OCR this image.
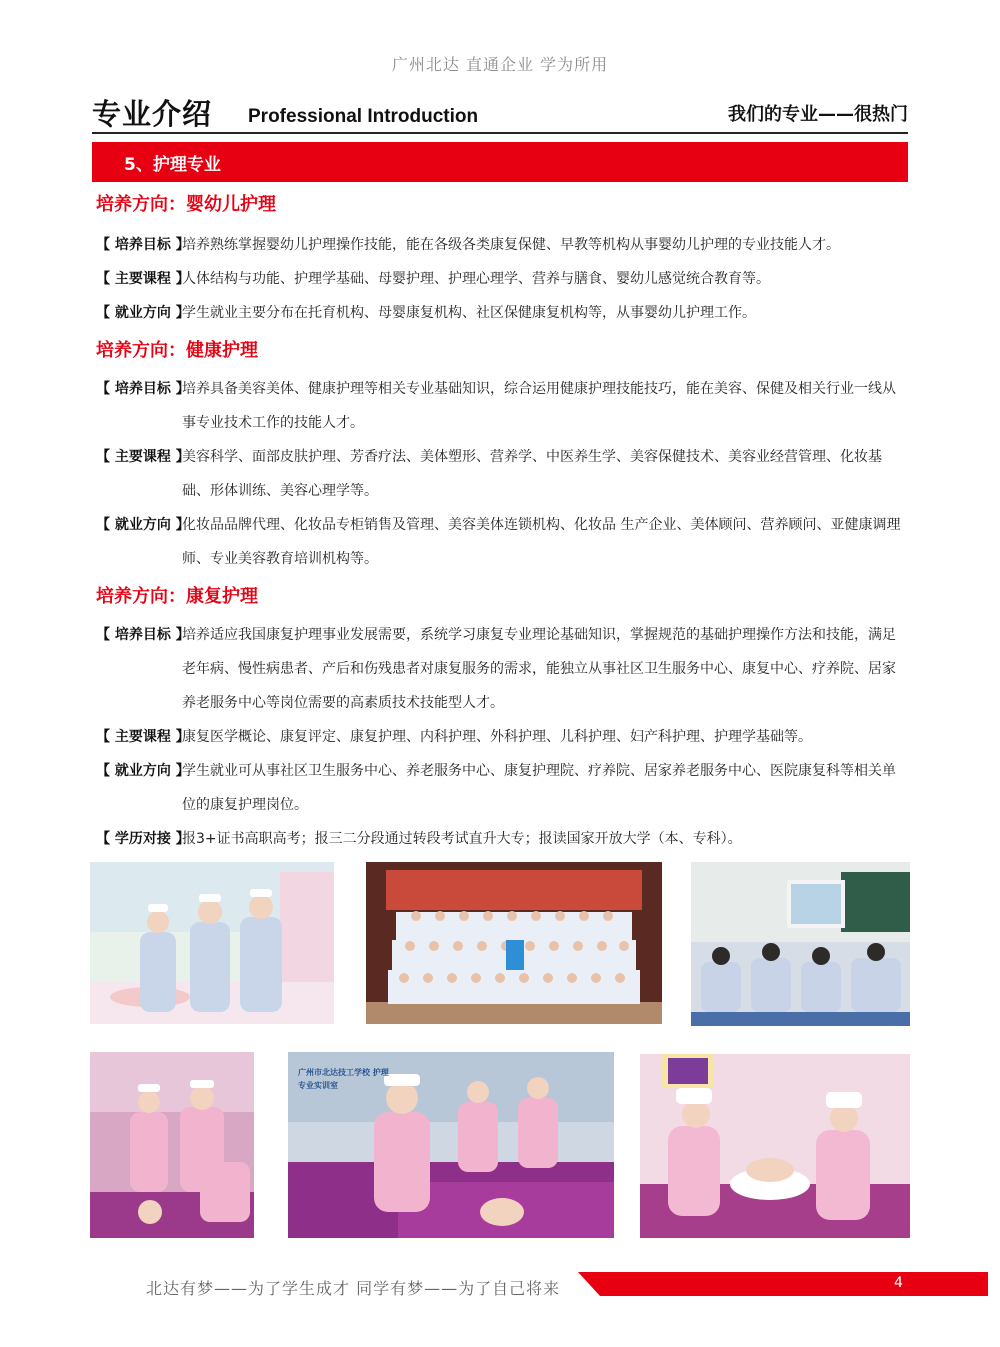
广州北达 直通企业 学为所用
专业介绍 Professional Introduction	我们的专业——很热门
5、护理专业
培养方向：婴幼儿护理
【 培养目标 】
培养熟练掌握婴幼儿护理操作技能，能在各级各类康复保健、早教等机构从事婴幼儿护理的专业技能人才。
【 主要课程 】
人体结构与功能、护理学基础、母婴护理、护理心理学、营养与膳食、婴幼儿感觉统合教育等。
【 就业方向 】
学生就业主要分布在托育机构、母婴康复机构、社区保健康复机构等，从事婴幼儿护理工作。
培养方向：健康护理
【 培养目标 】
培养具备美容美体、健康护理等相关专业基础知识，综合运用健康护理技能技巧，能在美容、保健及相关行业一线从事专业技术工作的技能人才。
【 主要课程 】
美容科学、面部皮肤护理、芳香疗法、美体塑形、营养学、中医养生学、美容保健技术、美容业经营管理、化妆基础、形体训练、美容心理学等。
【 就业方向 】
化妆品品牌代理、化妆品专柜销售及管理、美容美体连锁机构、化妆品 生产企业、美体顾问、营养顾问、亚健康调理师、专业美容教育培训机构等。
培养方向：康复护理
【 培养目标 】
培养适应我国康复护理事业发展需要，系统学习康复专业理论基础知识，掌握规范的基础护理操作方法和技能，满足老年病、慢性病患者、产后和伤残患者对康复服务的需求，能独立从事社区卫生服务中心、康复中心、疗养院、居家养老服务中心等岗位需要的高素质技术技能型人才。
【 主要课程 】
康复医学概论、康复评定、康复护理、内科护理、外科护理、儿科护理、妇产科护理、护理学基础等。
【 就业方向 】
学生就业可从事社区卫生服务中心、养老服务中心、康复护理院、疗养院、居家养老服务中心、医院康复科等相关单位的康复护理岗位。
【 学历对接 】
报3+证书高职高考；报三二分段通过转段考试直升大专；报读国家开放大学（本、专科）。
广州市北达技工学校 护理专业实训室
北达有梦——为了学生成才 同学有梦——为了自己将来	4
